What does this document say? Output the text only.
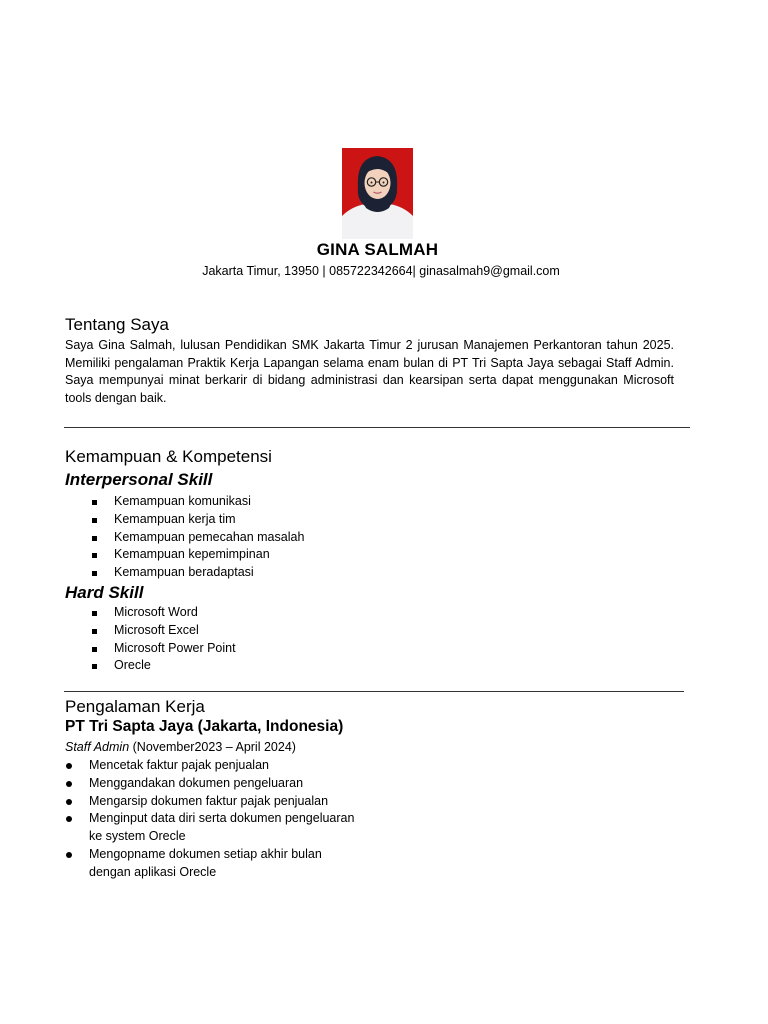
GINA SALMAH
Jakarta Timur, 13950 | 085722342664| ginasalmah9@gmail.com
Tentang Saya
Saya Gina Salmah, lulusan Pendidikan SMK Jakarta Timur 2 jurusan Manajemen Perkantoran tahun 2025. Memiliki pengalaman Praktik Kerja Lapangan selama enam bulan di PT Tri Sapta Jaya sebagai Staff Admin. Saya mempunyai minat berkarir di bidang administrasi dan kearsipan serta dapat menggunakan Microsoft tools dengan baik.
Kemampuan & Kompetensi
Interpersonal Skill
Kemampuan komunikasi
Kemampuan kerja tim
Kemampuan pemecahan masalah
Kemampuan kepemimpinan
Kemampuan beradaptasi
Hard Skill
Microsoft Word
Microsoft Excel
Microsoft Power Point
Orecle
Pengalaman Kerja
PT Tri Sapta Jaya (Jakarta, Indonesia)
Staff Admin (November2023 – April 2024)
Mencetak faktur pajak penjualan
Menggandakan dokumen pengeluaran
Mengarsip dokumen faktur pajak penjualan
Menginput data diri serta dokumen pengeluaran ke system Orecle
Mengopname dokumen setiap akhir bulan dengan aplikasi Orecle
